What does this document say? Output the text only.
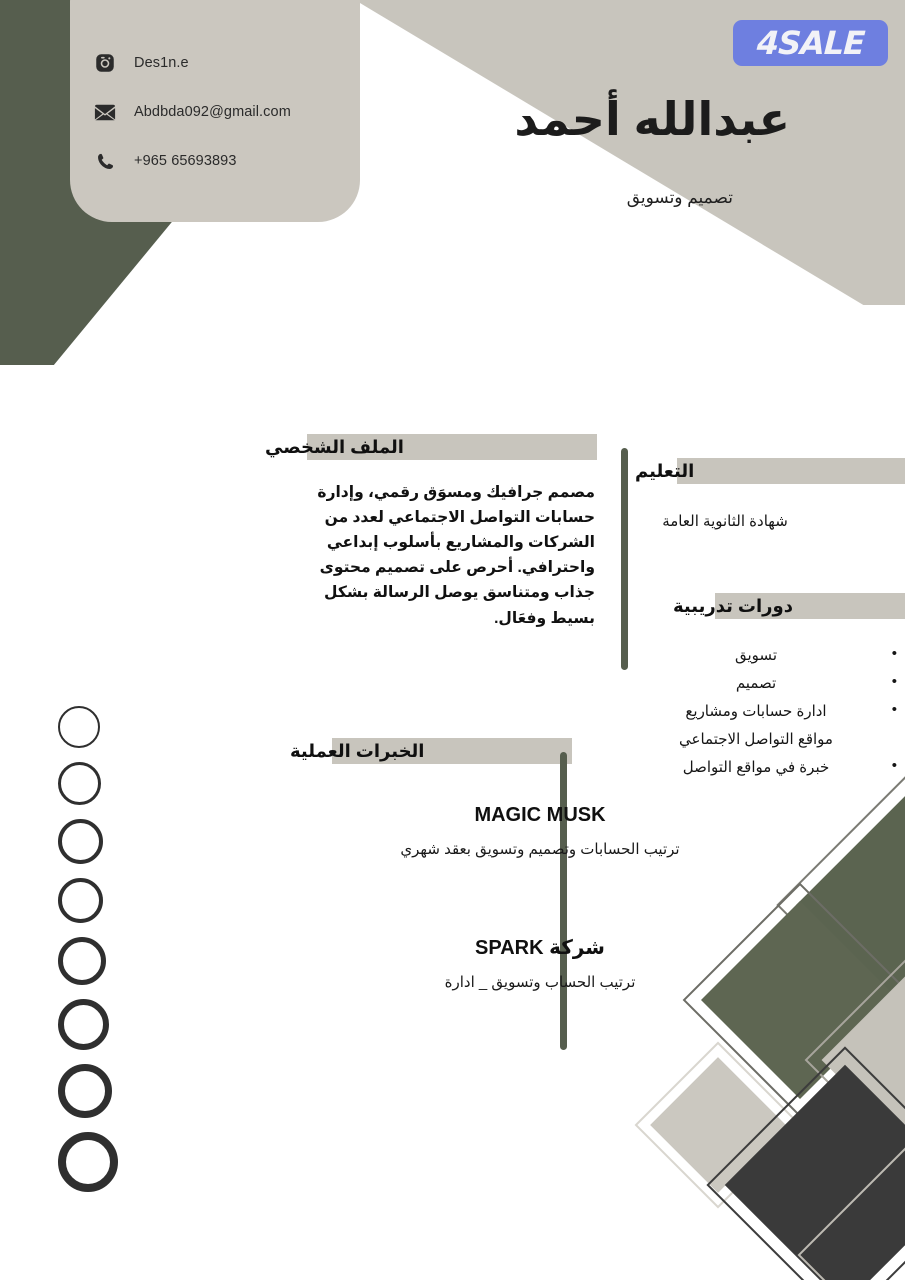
4SALE
Des1n.e
Abdbda092@gmail.com
+965 65693893
عبدالله أحمد
تصميم وتسويق
الملف الشخصي
مصمم جرافيك ومسوَق رقمي، وإدارة حسابات التواصل الاجتماعي لعدد من الشركات والمشاريع بأسلوب إبداعي واحترافي. أحرص على تصميم محتوى جذاب ومتناسق يوصل الرسالة بشكل بسيط وفعَال.
التعليم
شهادة الثانوية العامة
دورات تدريبية
تسويق •
تصميم •
ادارة حسابات ومشاريع •
مواقع التواصل الاجتماعي
خبرة في مواقع التواصل •
الخبرات العملية
MAGIC MUSK
ترتيب الحسابات وتصميم وتسويق بعقد شهري
شركة SPARK
ترتيب الحساب وتسويق _ ادارة
